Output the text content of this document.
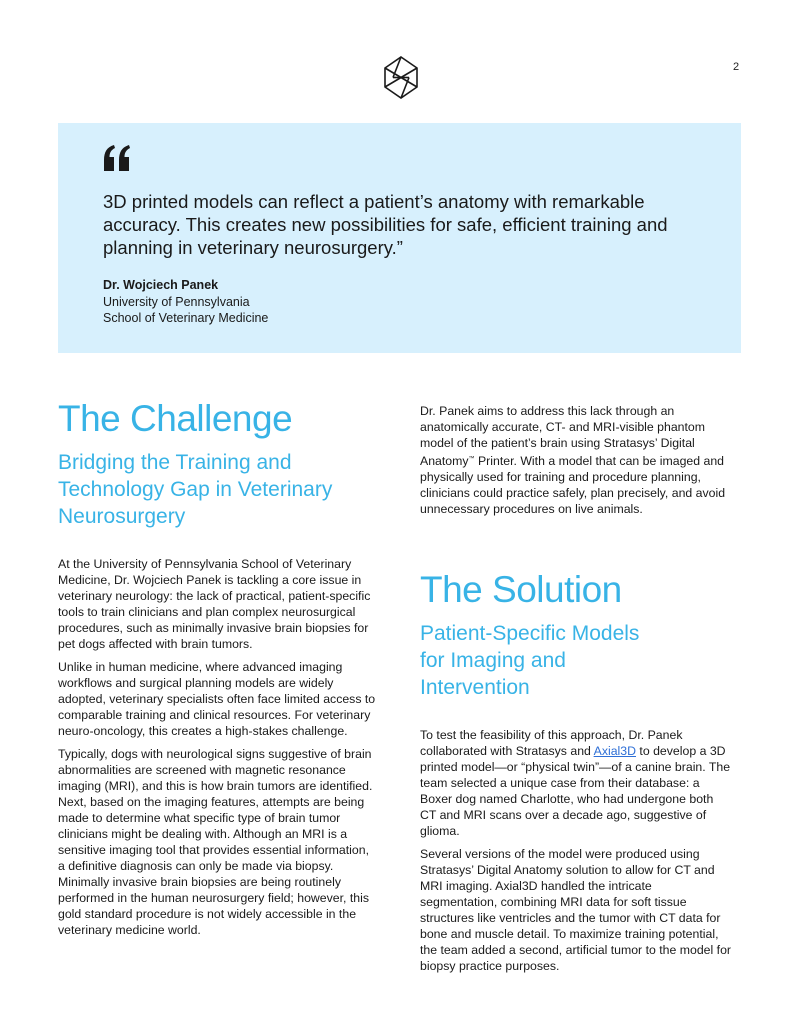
2
3D printed models can reflect a patient’s anatomy with remarkable accuracy. This creates new possibilities for safe, efficient training and planning in veterinary neurosurgery.”
Dr. Wojciech Panek
University of Pennsylvania
School of Veterinary Medicine
The Challenge
Bridging the Training and Technology Gap in Veterinary Neurosurgery

At the University of Pennsylvania School of Veterinary Medicine, Dr. Wojciech Panek is tackling a core issue in veterinary neurology: the lack of practical, patient-specific tools to train clinicians and plan complex neurosurgical procedures, such as minimally invasive brain biopsies for pet dogs affected with brain tumors.

Unlike in human medicine, where advanced imaging workflows and surgical planning models are widely adopted, veterinary specialists often face limited access to comparable training and clinical resources. For veterinary neuro-oncology, this creates a high-stakes challenge.

Typically, dogs with neurological signs suggestive of brain abnormalities are screened with magnetic resonance imaging (MRI), and this is how brain tumors are identified. Next, based on the imaging features, attempts are being made to determine what specific type of brain tumor clinicians might be dealing with. Although an MRI is a sensitive imaging tool that provides essential information, a definitive diagnosis can only be made via biopsy. Minimally invasive brain biopsies are being routinely performed in the human neurosurgery field; however, this gold standard procedure is not widely accessible in the veterinary medicine world.

Dr. Panek aims to address this lack through an anatomically accurate, CT- and MRI-visible phantom model of the patient’s brain using Stratasys’ Digital Anatomy™ Printer. With a model that can be imaged and physically used for training and procedure planning, clinicians could practice safely, plan precisely, and avoid unnecessary procedures on live animals.

The Solution
Patient-Specific Models for Imaging and Intervention

To test the feasibility of this approach, Dr. Panek collaborated with Stratasys and Axial3D to develop a 3D printed model—or “physical twin”—of a canine brain. The team selected a unique case from their database: a Boxer dog named Charlotte, who had undergone both CT and MRI scans over a decade ago, suggestive of glioma.

Several versions of the model were produced using Stratasys’ Digital Anatomy solution to allow for CT and MRI imaging. Axial3D handled the intricate segmentation, combining MRI data for soft tissue structures like ventricles and the tumor with CT data for bone and muscle detail. To maximize training potential, the team added a second, artificial tumor to the model for biopsy practice purposes.
